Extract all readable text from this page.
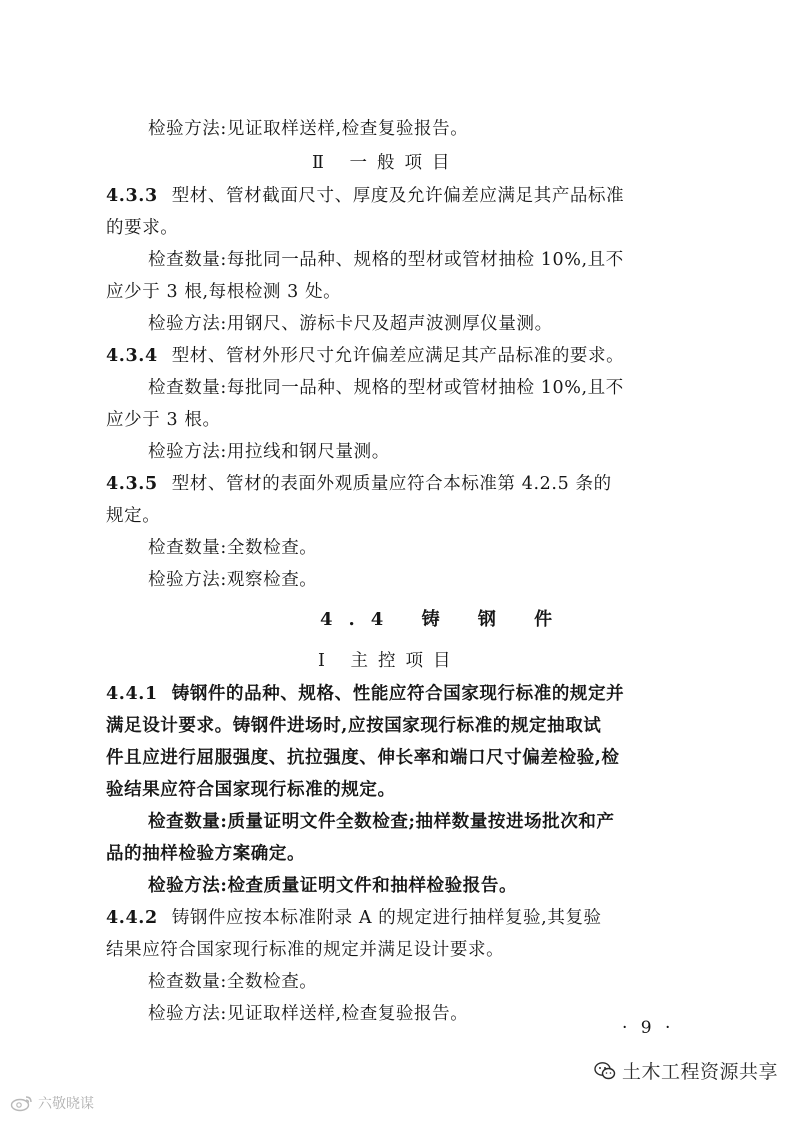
检验方法:见证取样送样,检查复验报告。
Ⅱ 一般项目
4.3.3 型材、管材截面尺寸、厚度及允许偏差应满足其产品标准
的要求。
检查数量:每批同一品种、规格的型材或管材抽检 10%,且不
应少于 3 根,每根检测 3 处。
检验方法:用钢尺、游标卡尺及超声波测厚仪量测。
4.3.4 型材、管材外形尺寸允许偏差应满足其产品标准的要求。
检查数量:每批同一品种、规格的型材或管材抽检 10%,且不
应少于 3 根。
检验方法:用拉线和钢尺量测。
4.3.5 型材、管材的表面外观质量应符合本标准第 4.2.5 条的
规定。
检查数量:全数检查。
检验方法:观察检查。
4.4 铸 钢 件
Ⅰ 主控项目
4.4.1 铸钢件的品种、规格、性能应符合国家现行标准的规定并
满足设计要求。铸钢件进场时,应按国家现行标准的规定抽取试
件且应进行屈服强度、抗拉强度、伸长率和端口尺寸偏差检验,检
验结果应符合国家现行标准的规定。
检查数量:质量证明文件全数检查;抽样数量按进场批次和产
品的抽样检验方案确定。
检验方法:检查质量证明文件和抽样检验报告。
4.4.2 铸钢件应按本标准附录 A 的规定进行抽样复验,其复验
结果应符合国家现行标准的规定并满足设计要求。
检查数量:全数检查。
检验方法:见证取样送样,检查复验报告。
· 9 ·
土木工程资源共享
六敬晓谋
